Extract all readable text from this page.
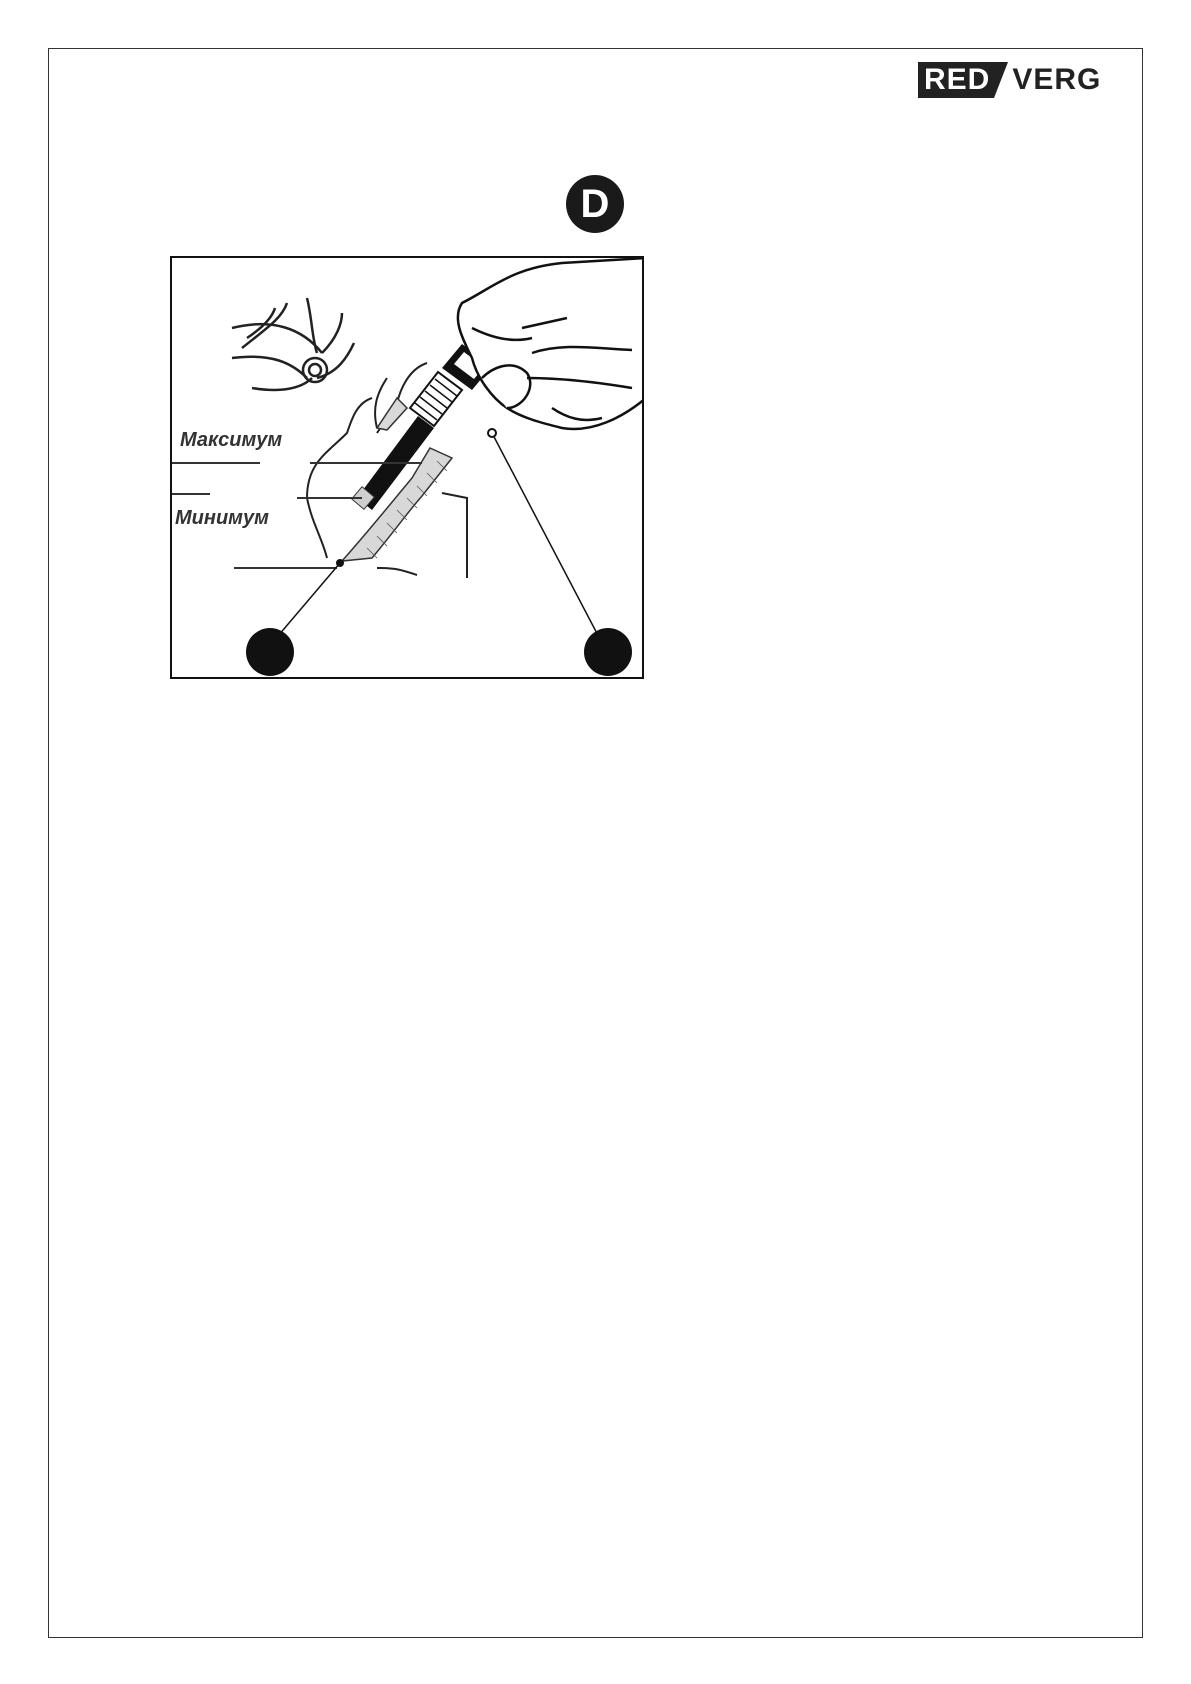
RED VERG
D
Максимум
Минимум
